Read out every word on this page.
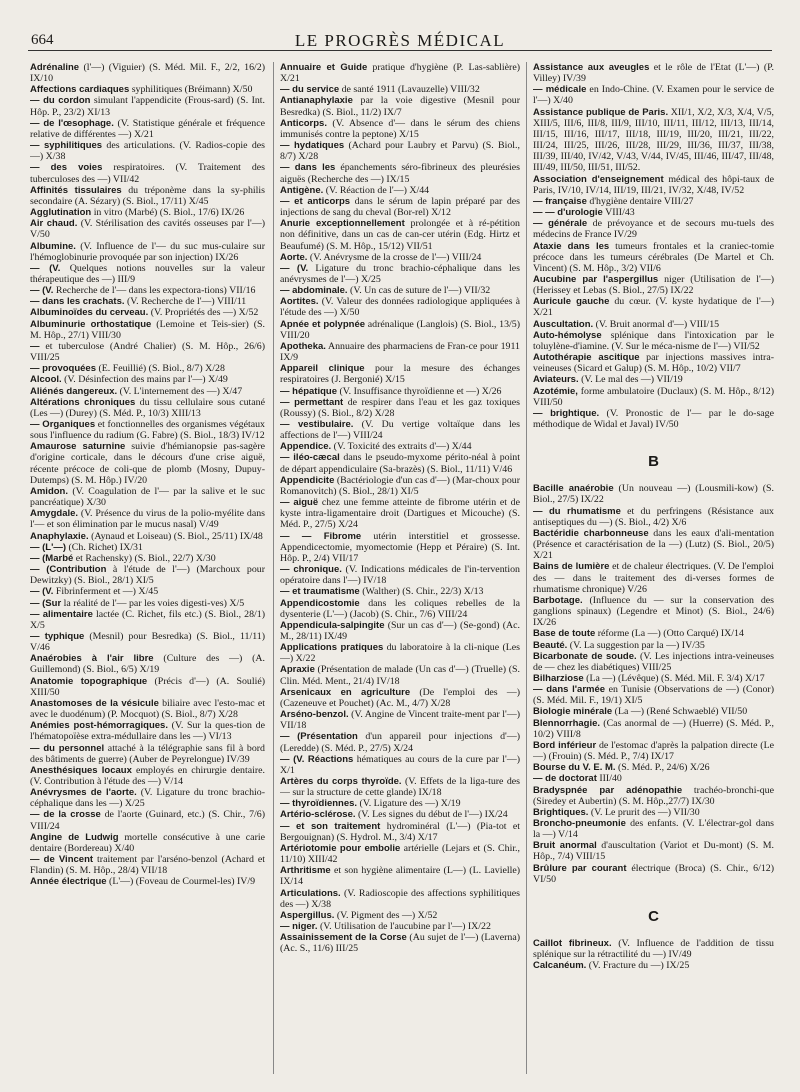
664	LE PROGRÈS MÉDICAL

Adrénaline (l'—) (Viguier) (S. Méd. Mil. F., 2/2, 16/2) IX/10

Affections cardiaques syphilitiques (Bréimann) X/50

— du cordon simulant l'appendicite (Frous-sard) (S. Int. Hôp. P., 23/2) XI/13

— de l'œsophage. (V. Statistique générale et fréquence relative de différentes —) X/21

— syphilitiques des articulations. (V. Radios-copie des —) X/38

— des voies respiratoires. (V. Traitement des tuberculoses des —) VII/42

Affinités tissulaires du tréponème dans la sy-philis secondaire (A. Sézary) (S. Biol., 17/11) X/45

Agglutination in vitro (Marbé) (S. Biol., 17/6) IX/26

Air chaud. (V. Stérilisation des cavités osseuses par l'—) V/50

Albumine. (V. Influence de l'— du suc mus-culaire sur l'hémoglobinurie provoquée par son injection) IX/26

— (V. Quelques notions nouvelles sur la valeur thérapeutique des —) III/9

— (V. Recherche de l'— dans les expectora-tions) VII/16

— dans les crachats. (V. Recherche de l'—) VIII/11

Albuminoïdes du cerveau. (V. Propriétés des —) X/52

Albuminurie orthostatique (Lemoine et Teis-sier) (S. M. Hôp., 27/1) VIII/30

— et tuberculose (André Chalier) (S. M. Hôp., 26/6) VIII/25

— provoquées (E. Feuillié) (S. Biol., 8/7) X/28

Alcool. (V. Désinfection des mains par l'—) X/49

Aliénés dangereux. (V. L'internement des —) X/47

Altérations chroniques du tissu cellulaire sous cutané (Les —) (Durey) (S. Méd. P., 10/3) XIII/13

— Organiques et fonctionnelles des organismes végétaux sous l'influence du radium (G. Fabre) (S. Biol., 18/3) IV/12

Amaurose saturnine suivie d'hémianopsie pas-sagère d'origine corticale, dans le décours d'une crise aiguë, récente précoce de coli-que de plomb (Mosny, Dupuy-Dutemps) (S. M. Hôp.) IV/20

Amidon. (V. Coagulation de l'— par la salive et le suc pancréatique) X/30

Amygdale. (V. Présence du virus de la polio-myélite dans l'— et son élimination par le mucus nasal) V/49

Anaphylaxie. (Aynaud et Loiseau) (S. Biol., 25/11) IX/48

— (L'—) (Ch. Richet) IX/31

— (Marbé et Rachensky) (S. Biol., 22/7) X/30

— (Contribution à l'étude de l'—) (Marchoux pour Dewitzky) (S. Biol., 28/1) XI/5

— (V. Fibrinferment et —) X/45

— (Sur la réalité de l'— par les voies digesti-ves) X/5

— alimentaire lactée (C. Richet, fils etc.) (S. Biol., 28/1) X/5

— typhique (Mesnil) pour Besredka) (S. Biol., 11/11) V/46

Anaérobies à l'air libre (Culture des —) (A. Guillemond) (S. Biol., 6/5) X/19

Anatomie topographique (Précis d'—) (A. Soulié) XIII/50

Anastomoses de la vésicule biliaire avec l'esto-mac et avec le duodénum) (P. Mocquot) (S. Biol., 8/7) X/28

Anémies post-hémorragiques. (V. Sur la ques-tion de l'hématopoïèse extra-médullaire dans les —) VI/13

— du personnel attaché à la télégraphie sans fil à bord des bâtiments de guerre) (Auber de Peyrelongue) IV/39

Anesthésiques locaux employés en chirurgie dentaire. (V. Contribution à l'étude des —) V/14

Anévrysmes de l'aorte. (V. Ligature du tronc brachio-céphalique dans les —) X/25

— de la crosse de l'aorte (Guinard, etc.) (S. Chir., 7/6) VIII/24

Angine de Ludwig mortelle consécutive à une carie dentaire (Bordereau) X/40

— de Vincent traitement par l'arséno-benzol (Achard et Flandin) (S. M. Hôp., 28/4) VII/18

Année électrique (L'—) (Foveau de Courmel-les) IV/9

Annuaire et Guide pratique d'hygiène (P. Las-sablière) X/21

— du service de santé 1911 (Lavauzelle) VIII/32

Antianaphylaxie par la voie digestive (Mesnil pour Besredka) (S. Biol., 11/2) IX/7

Anticorps. (V. Absence d'— dans le sérum des chiens immunisés contre la peptone) X/15

— hydatiques (Achard pour Laubry et Parvu) (S. Biol., 8/7) X/28

— dans les épanchements séro-fibrineux des pleurésies aiguës (Recherche des —) IX/15

Antigène. (V. Réaction de l'—) X/44

— et anticorps dans le sérum de lapin préparé par des injections de sang du cheval (Bor-rel) X/12

Anurie exceptionnellement prolongée et à ré-pétition non définitive, dans un cas de can-cer utérin (Edg. Hirtz et Beaufumé) (S. M. Hôp., 15/12) VII/51

Aorte. (V. Anévrysme de la crosse de l'—) VIII/24

— (V. Ligature du tronc brachio-céphalique dans les anévrysmes de l'—) X/25

— abdominale. (V. Un cas de suture de l'—) VII/32

Aortites. (V. Valeur des données radiologique appliquées à l'étude des —) X/50

Apnée et polypnée adrénalique (Langlois) (S. Biol., 13/5) VIII/20

Apotheka. Annuaire des pharmaciens de Fran-ce pour 1911 IX/9

Appareil clinique pour la mesure des échanges respiratoires (J. Bergonié) X/15

— hépatique (V. Insuffisance thyroïdienne et —) X/26

— permettant de respirer dans l'eau et les gaz toxiques (Roussy) (S. Biol., 8/2) X/28

— vestibulaire. (V. Du vertige voltaïque dans les affections de l'—) VIII/24

Appendice. (V. Toxicité des extraits d'—) X/44

— iléo-cæcal dans le pseudo-myxome périto-néal à point de départ appendiculaire (Sa-brazès) (S. Biol., 11/11) V/46

Appendicite (Bactériologie d'un cas d'—) (Mar-choux pour Romanovitch) (S. Biol., 28/1) XI/5

— aiguë chez une femme atteinte de fibrome utérin et de kyste intra-ligamentaire droit (Dartigues et Micouche) (S. Méd. P., 27/5) X/24

— — Fibrome utérin interstitiel et grossesse. Appendicectomie, myomectomie (Hepp et Péraire) (S. Int. Hôp. P., 2/4) VII/17

— chronique. (V. Indications médicales de l'in-tervention opératoire dans l'—) IV/18

— et traumatisme (Walther) (S. Chir., 22/3) X/13

Appendicostomie dans les coliques rebelles de la dysenterie (L'—) (Jacob) (S. Chir., 7/6) VIII/24

Appendicula-salpingite (Sur un cas d'—) (Se-gond) (Ac. M., 28/11) IX/49

Applications pratiques du laboratoire à la cli-nique (Les —) X/22

Apraxie (Présentation de malade (Un cas d'—) (Truelle) (S. Clin. Méd. Ment., 21/4) IV/18

Arsenicaux en agriculture (De l'emploi des —) (Cazeneuve et Pouchet) (Ac. M., 4/7) X/28

Arséno-benzol. (V. Angine de Vincent traite-ment par l'—) VII/18

— (Présentation d'un appareil pour injections d'—) (Leredde) (S. Méd. P., 27/5) X/24

— (V. Réactions hématiques au cours de la cure par l'—) X/1

Artères du corps thyroïde. (V. Effets de la liga-ture des — sur la structure de cette glande) IX/18

— thyroïdiennes. (V. Ligature des —) X/19

Artério-sclérose. (V. Les signes du début de l'—) IX/24

— et son traitement hydrominéral (L'—) (Pia-tot et Bergouignan) (S. Hydrol. M., 3/4) X/17

Artériotomie pour embolie artérielle (Lejars et (S. Chir., 11/10) XIII/42

Arthritisme et son hygiène alimentaire (L—) (L. Lavielle) IX/14

Articulations. (V. Radioscopie des affections syphilitiques des —) X/38

Aspergillus. (V. Pigment des —) X/52

— niger. (V. Utilisation de l'aucubine par l'—) IX/22

Assainissement de la Corse (Au sujet de l'—) (Laverna) (Ac. S., 11/6) III/25

Assistance aux aveugles et le rôle de l'Etat (L'—) (P. Villey) IV/39

— médicale en Indo-Chine. (V. Examen pour le service de l'—) X/40

Assistance publique de Paris. XII/1, X/2, X/3, X/4, V/5, XIII/5, III/6, III/8, III/9, III/10, III/11, III/12, III/13, III/14, III/15, III/16, III/17, III/18, III/19, III/20, III/21, III/22, III/24, III/25, III/26, III/28, III/29, III/36, III/37, III/38, III/39, III/40, IV/42, V/43, V/44, IV/45, III/46, III/47, III/48, III/49, III/50, III/51, III/52.

Association d'enseignement médical des hôpi-taux de Paris, IV/10, IV/14, III/19, III/21, IV/32, X/48, IV/52

— française d'hygiène dentaire VIII/27

— — d'urologie VIII/43

— générale de prévoyance et de secours mu-tuels des médecins de France IV/29

Ataxie dans les tumeurs frontales et la craniec-tomie précoce dans les tumeurs cérébrales (De Martel et Ch. Vincent) (S. M. Hôp., 3/2) VII/6

Aucubine par l'aspergillus niger (Utilisation de l'—) (Herissey et Lebas (S. Biol., 27/5) IX/22

Auricule gauche du cœur. (V. kyste hydatique de l'—) X/21

Auscultation. (V. Bruit anormal d'—) VIII/15

Auto-hémolyse splénique dans l'intoxication par le toluylène-d'iamine. (V. Sur le méca-nisme de l'—) VII/52

Autothérapie ascitique par injections massives intra-veineuses (Sicard et Galup) (S. M. Hôp., 10/2) VII/7

Aviateurs. (V. Le mal des —) VII/19

Azotémie, forme ambulatoire (Duclaux) (S. M. Hôp., 8/12) VIII/50

— brightique. (V. Pronostic de l'— par le do-sage méthodique de Widal et Javal) IV/50

B

Bacille anaérobie (Un nouveau —) (Lousmili-kow) (S. Biol., 27/5) IX/22

— du rhumatisme et du perfringens (Résistance aux antiseptiques du —) (S. Biol., 4/2) X/6

Bactéridie charbonneuse dans les eaux d'ali-mentation (Présence et caractérisation de la —) (Lutz) (S. Biol., 20/5) X/21

Bains de lumière et de chaleur électriques. (V. De l'emploi des — dans le traitement des di-verses formes de rhumatisme chronique) V/26

Barbotage. (Influence du — sur la conservation des ganglions spinaux) (Legendre et Minot) (S. Biol., 24/6) IX/26

Base de toute réforme (La —) (Otto Carqué) IX/14

Beauté. (V. La suggestion par la —) IV/35

Bicarbonate de soude. (V. Les injections intra-veineuses de — chez les diabétiques) VIII/25

Bilharziose (La —) (Lévêque) (S. Méd. Mil. F. 3/4) X/17

— dans l'armée en Tunisie (Observations de —) (Conor) (S. Méd. Mil. F., 19/1) XI/5

Biologie minérale (La —) (René Schwaeblé) VII/50

Blennorrhagie. (Cas anormal de —) (Huerre) (S. Méd. P., 10/2) VIII/8

Bord inférieur de l'estomac d'après la palpation directe (Le —) (Frouin) (S. Méd. P., 7/4) IX/17

Bourse du V. E. M. (S. Méd. P., 24/6) X/26

— de doctorat III/40

Bradyspnée par adénopathie trachéo-bronchi-que (Siredey et Aubertin) (S. M. Hôp.,27/7) IX/30

Brightiques. (V. Le prurit des —) VII/30

Broncho-pneumonie des enfants. (V. L'électrar-gol dans la —) V/14

Bruit anormal d'auscultation (Variot et Du-mont) (S. M. Hôp., 7/4) VIII/15

Brûlure par courant électrique (Broca) (S. Chir., 6/12) VI/50

C

Caillot fibrineux. (V. Influence de l'addition de tissu splénique sur la rétractilité du —) IV/49

Calcanéum. (V. Fracture du —) IX/25
